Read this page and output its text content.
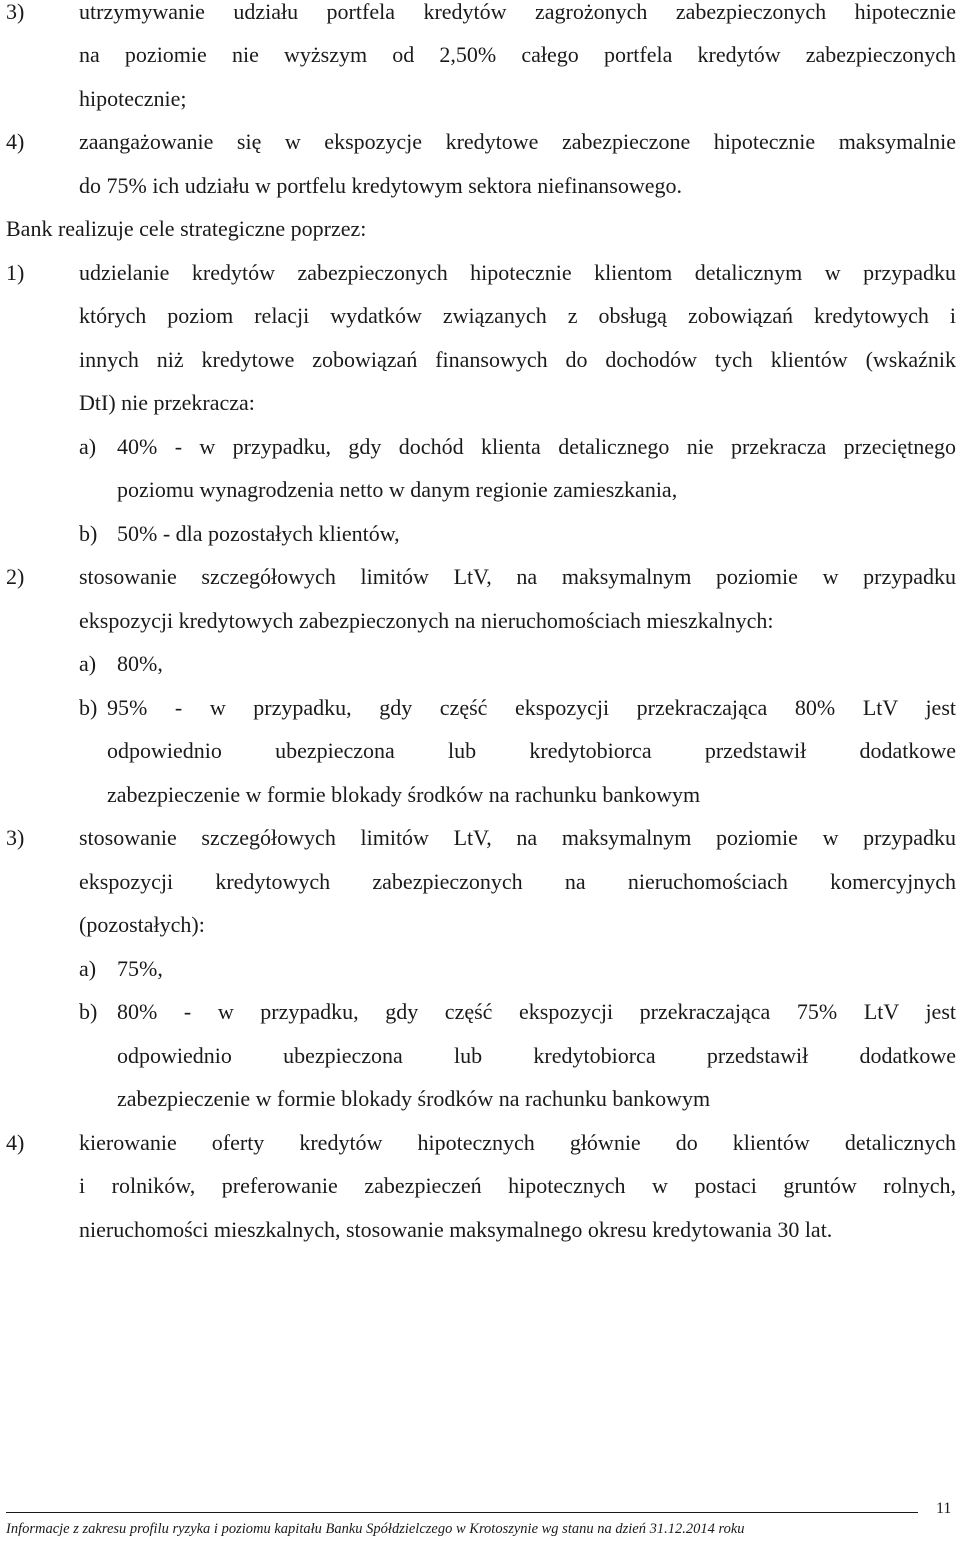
3) utrzymywanie udziału portfela kredytów zagrożonych zabezpieczonych hipotecznie

na poziomie nie wyższym od 2,50% całego portfela kredytów zabezpieczonych

hipotecznie;

4) zaangażowanie się w ekspozycje kredytowe zabezpieczone hipotecznie maksymalnie

do 75% ich udziału w portfelu kredytowym sektora niefinansowego.

Bank realizuje cele strategiczne poprzez:

1) udzielanie kredytów zabezpieczonych hipotecznie klientom detalicznym w przypadku

których poziom relacji wydatków związanych z obsługą zobowiązań kredytowych i

innych niż kredytowe zobowiązań finansowych do dochodów tych klientów (wskaźnik

DtI) nie przekracza:

a) 40% - w przypadku, gdy dochód klienta detalicznego nie przekracza przeciętnego

poziomu wynagrodzenia netto w danym regionie zamieszkania,

b) 50% - dla pozostałych klientów,

2) stosowanie szczegółowych limitów LtV, na maksymalnym poziomie w przypadku

ekspozycji kredytowych zabezpieczonych na nieruchomościach mieszkalnych:

a) 80%,

b) 95% - w przypadku, gdy część ekspozycji przekraczająca 80% LtV jest

odpowiednio ubezpieczona lub kredytobiorca przedstawił dodatkowe

zabezpieczenie w formie blokady środków na rachunku bankowym

3) stosowanie szczegółowych limitów LtV, na maksymalnym poziomie w przypadku

ekspozycji kredytowych zabezpieczonych na nieruchomościach komercyjnych

(pozostałych):

a) 75%,

b) 80% - w przypadku, gdy część ekspozycji przekraczająca 75% LtV jest

odpowiednio ubezpieczona lub kredytobiorca przedstawił dodatkowe

zabezpieczenie w formie blokady środków na rachunku bankowym

4) kierowanie oferty kredytów hipotecznych głównie do klientów detalicznych

i rolników, preferowanie zabezpieczeń hipotecznych w postaci gruntów rolnych,

nieruchomości mieszkalnych, stosowanie maksymalnego okresu kredytowania 30 lat.

11
Informacje z zakresu profilu ryzyka i poziomu kapitału Banku Spółdzielczego w Krotoszynie wg stanu na dzień 31.12.2014 roku
